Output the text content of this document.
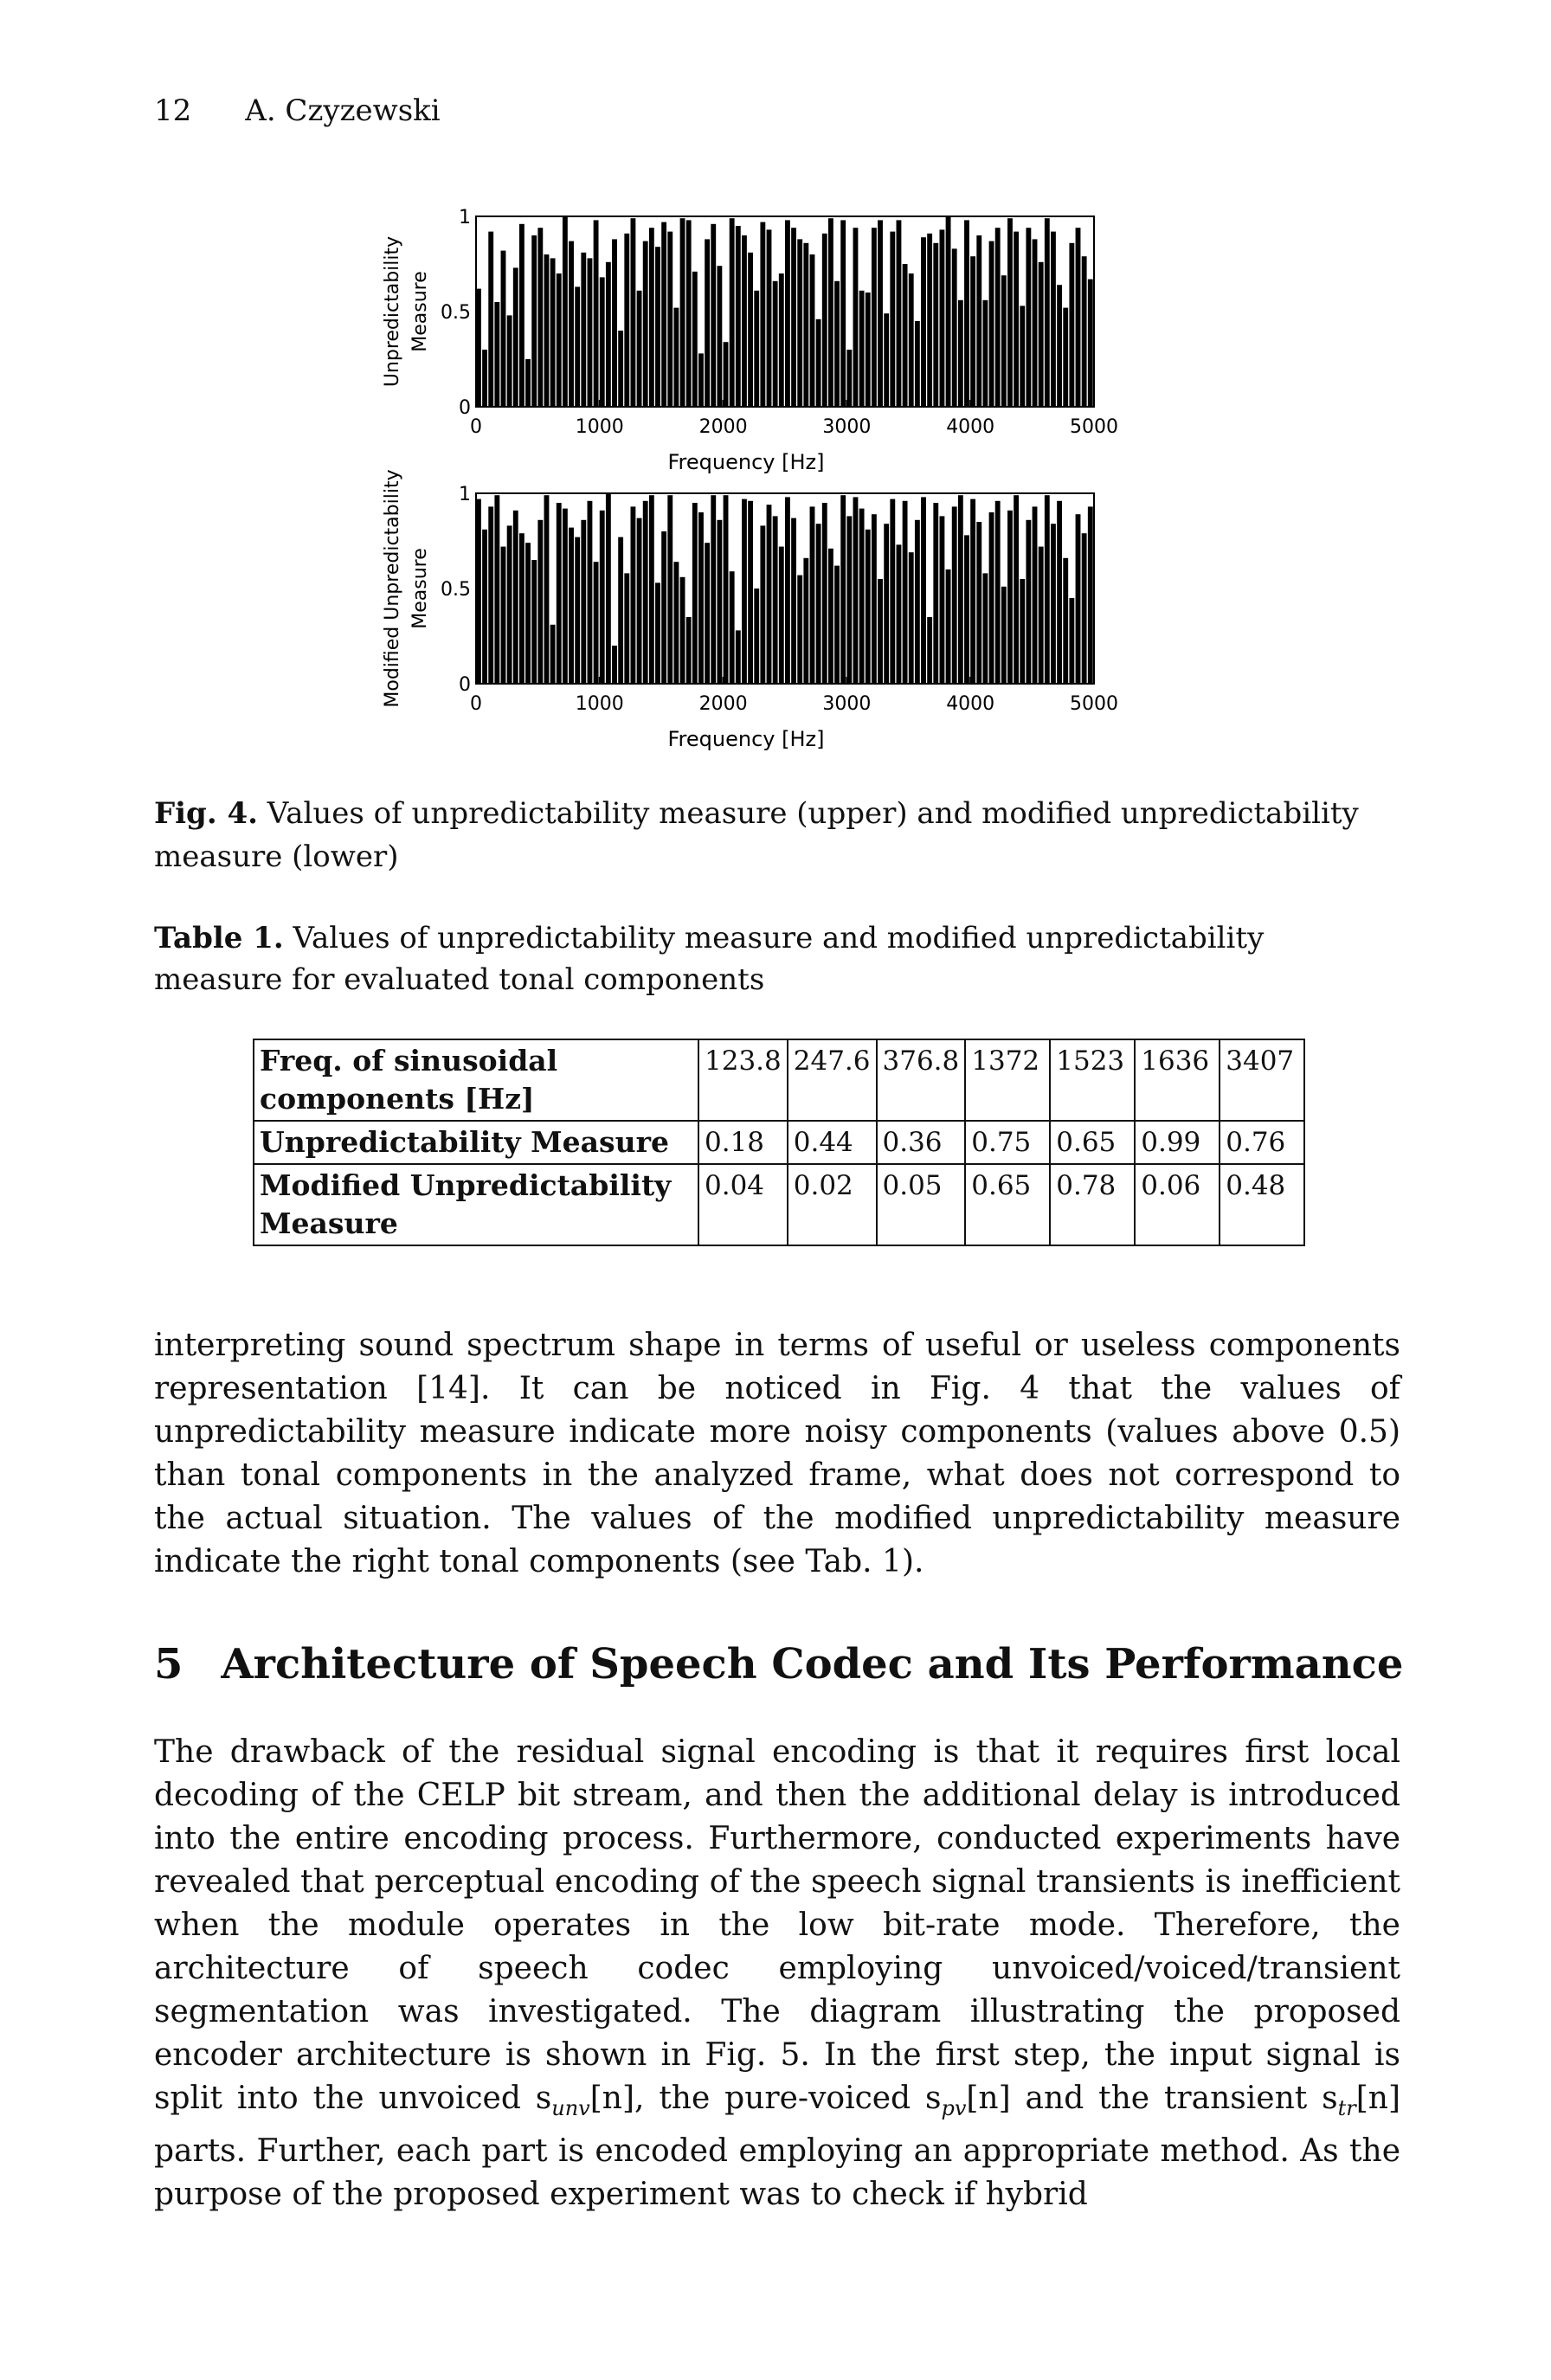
12 A. Czyzewski
Unpredictability Measure
0
0.5
1
0	1000	2000	3000	4000	5000
Frequency [Hz]
Modified Unpredictability Measure
0
0.5
1
0	1000	2000	3000	4000	5000
Frequency [Hz]
Fig. 4. Values of unpredictability measure (upper) and modified unpredictability measure (lower)
Table 1. Values of unpredictability measure and modified unpredictability measure for evaluated tonal components
Freq. of sinusoidal components [Hz]	123.8	247.6	376.8	1372	1523	1636	3407
Unpredictability Measure	0.18	0.44	0.36	0.75	0.65	0.99	0.76
Modified Unpredictability Measure	0.04	0.02	0.05	0.65	0.78	0.06	0.48
interpreting sound spectrum shape in terms of useful or useless components representation [14]. It can be noticed in Fig. 4 that the values of unpredictability measure indicate more noisy components (values above 0.5) than tonal components in the analyzed frame, what does not correspond to the actual situation. The values of the modified unpredictability measure indicate the right tonal components (see Tab. 1).
5 Architecture of Speech Codec and Its Performance
The drawback of the residual signal encoding is that it requires first local decoding of the CELP bit stream, and then the additional delay is introduced into the entire encoding process. Furthermore, conducted experiments have revealed that perceptual encoding of the speech signal transients is inefficient when the module operates in the low bit-rate mode. Therefore, the architecture of speech codec employing unvoiced/voiced/transient segmentation was investigated. The diagram illustrating the proposed encoder architecture is shown in Fig. 5. In the first step, the input signal is split into the unvoiced $s_{unv}[n]$, the pure-voiced $s_{pv}[n]$ and the transient $s_{tr}[n]$ parts. Further, each part is encoded employing an appropriate method. As the purpose of the proposed experiment was to check if hybrid
